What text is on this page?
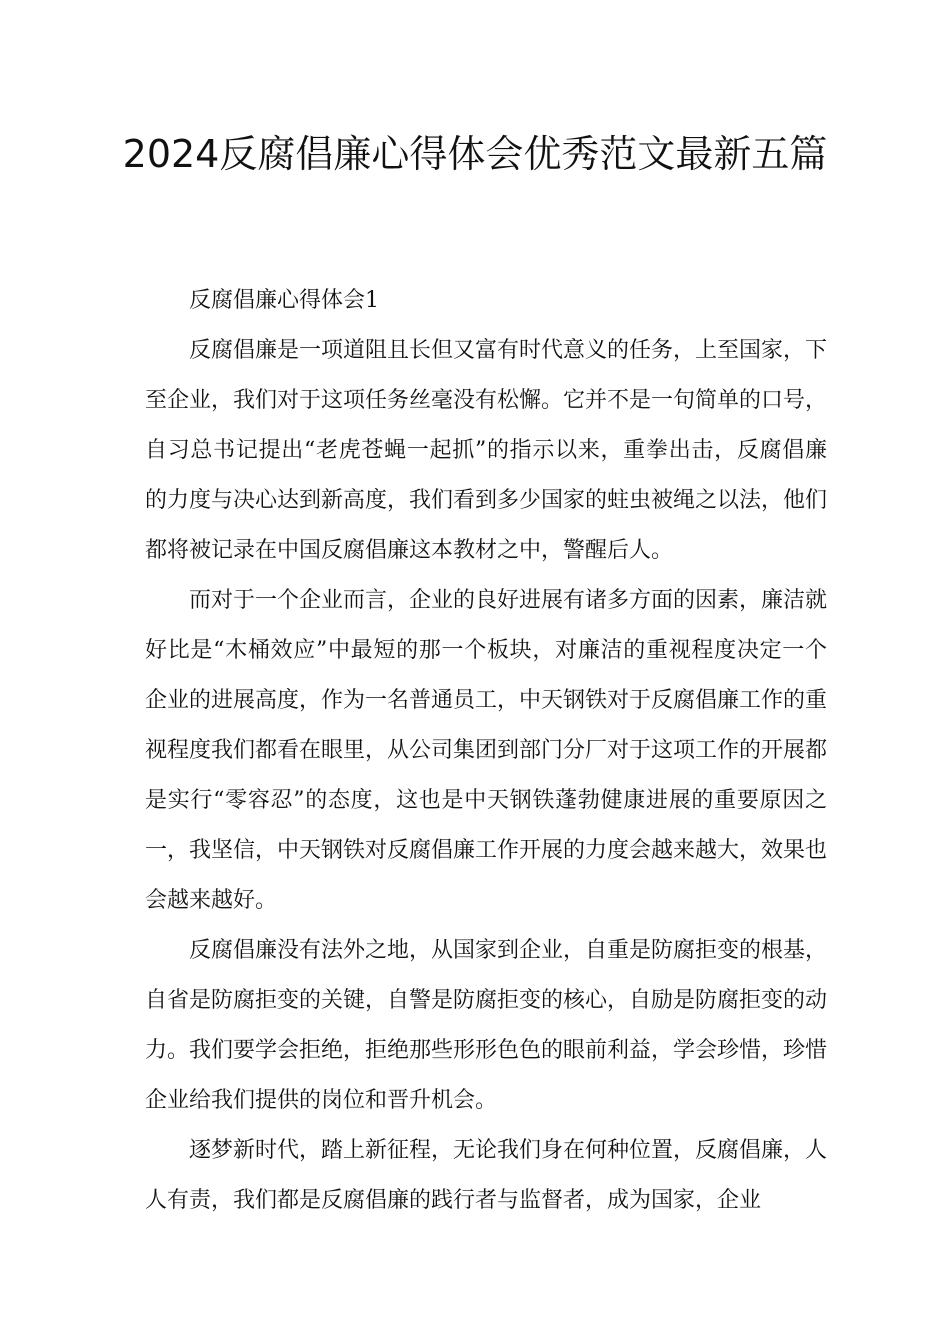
2024反腐倡廉心得体会优秀范文最新五篇

反腐倡廉心得体会1

反腐倡廉是一项道阻且长但又富有时代意义的任务，上至国家，下至企业，我们对于这项任务丝毫没有松懈。它并不是一句简单的口号，自习总书记提出“老虎苍蝇一起抓”的指示以来，重拳出击，反腐倡廉的力度与决心达到新高度，我们看到多少国家的蛀虫被绳之以法，他们都将被记录在中国反腐倡廉这本教材之中，警醒后人。

而对于一个企业而言，企业的良好进展有诸多方面的因素，廉洁就好比是“木桶效应”中最短的那一个板块，对廉洁的重视程度决定一个企业的进展高度，作为一名普通员工，中天钢铁对于反腐倡廉工作的重视程度我们都看在眼里，从公司集团到部门分厂对于这项工作的开展都是实行“零容忍”的态度，这也是中天钢铁蓬勃健康进展的重要原因之一，我坚信，中天钢铁对反腐倡廉工作开展的力度会越来越大，效果也会越来越好。

反腐倡廉没有法外之地，从国家到企业，自重是防腐拒变的根基，自省是防腐拒变的关键，自警是防腐拒变的核心，自励是防腐拒变的动力。我们要学会拒绝，拒绝那些形形色色的眼前利益，学会珍惜，珍惜企业给我们提供的岗位和晋升机会。

逐梦新时代，踏上新征程，无论我们身在何种位置，反腐倡廉，人人有责，我们都是反腐倡廉的践行者与监督者，成为国家，企业
